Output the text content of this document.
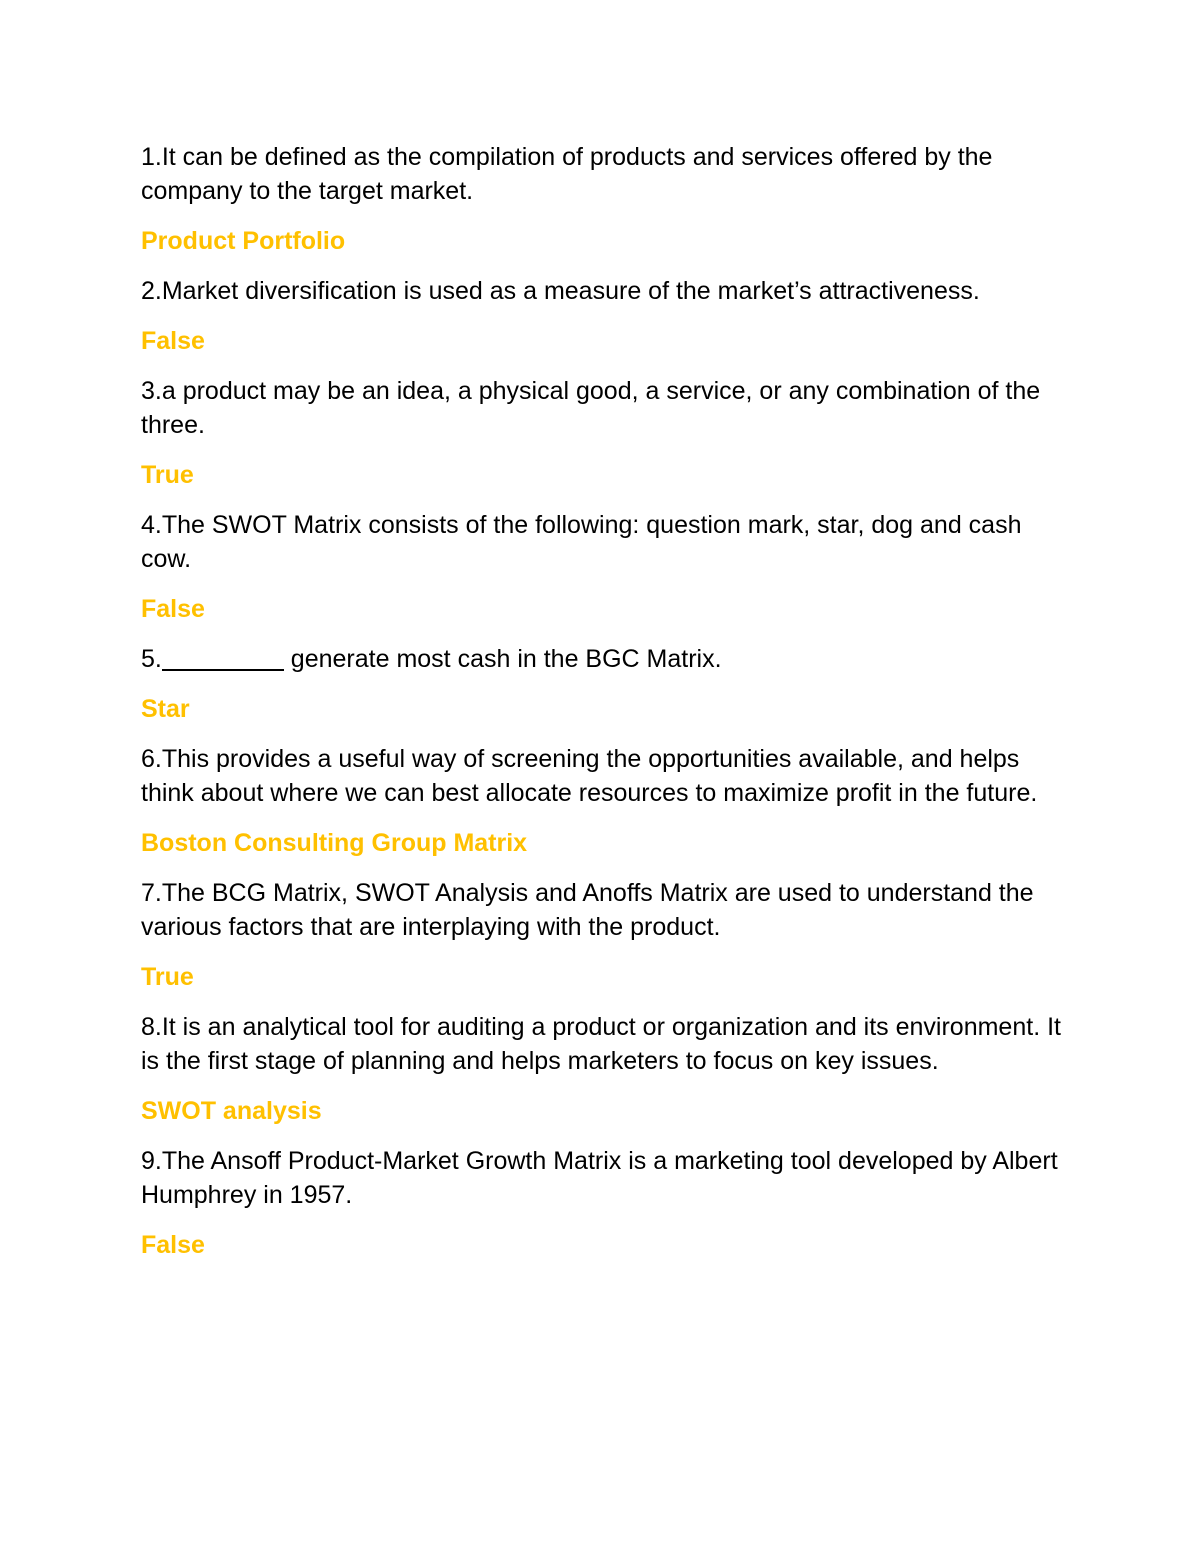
1.It can be defined as the compilation of products and services offered by the company to the target market.

Product Portfolio

2.Market diversification is used as a measure of the market’s attractiveness.

False

3.a product may be an idea, a physical good, a service, or any combination of the three.

True

4.The SWOT Matrix consists of the following: question mark, star, dog and cash cow.

False

5.	generate most cash in the BGC Matrix.

Star

6.This provides a useful way of screening the opportunities available, and helps think about where we can best allocate resources to maximize profit in the future.

Boston Consulting Group Matrix

7.The BCG Matrix, SWOT Analysis and Anoffs Matrix are used to understand the various factors that are interplaying with the product.

True

8.It is an analytical tool for auditing a product or organization and its environment. It is the first stage of planning and helps marketers to focus on key issues.

SWOT analysis

9.The Ansoff Product-Market Growth Matrix is a marketing tool developed by Albert Humphrey in 1957.

False
